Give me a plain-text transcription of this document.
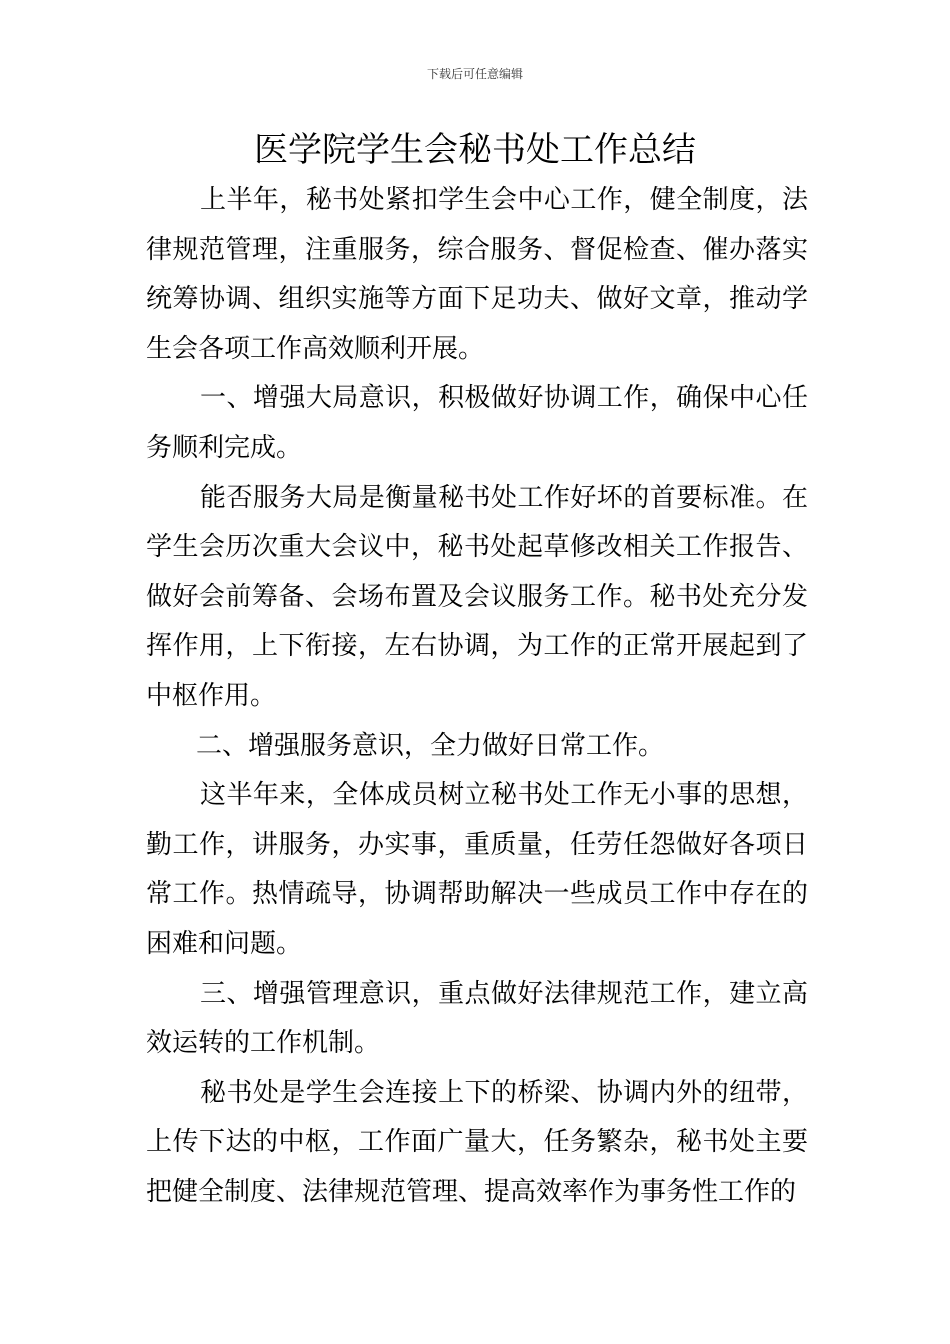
下载后可任意编辑
医学院学生会秘书处工作总结

上半年，秘书处紧扣学生会中心工作，健全制度，法律规范管理，注重服务，综合服务、督促检查、催办落实统筹协调、组织实施等方面下足功夫、做好文章，推动学生会各项工作高效顺利开展。

一、增强大局意识，积极做好协调工作，确保中心任务顺利完成。

能否服务大局是衡量秘书处工作好坏的首要标准。在学生会历次重大会议中，秘书处起草修改相关工作报告、做好会前筹备、会场布置及会议服务工作。秘书处充分发挥作用，上下衔接，左右协调，为工作的正常开展起到了中枢作用。

二、增强服务意识，全力做好日常工作。

这半年来，全体成员树立秘书处工作无小事的思想，勤工作，讲服务，办实事，重质量，任劳任怨做好各项日常工作。热情疏导，协调帮助解决一些成员工作中存在的困难和问题。

三、增强管理意识，重点做好法律规范工作，建立高效运转的工作机制。

秘书处是学生会连接上下的桥梁、协调内外的纽带，上传下达的中枢，工作面广量大，任务繁杂，秘书处主要把健全制度、法律规范管理、提高效率作为事务性工作的
